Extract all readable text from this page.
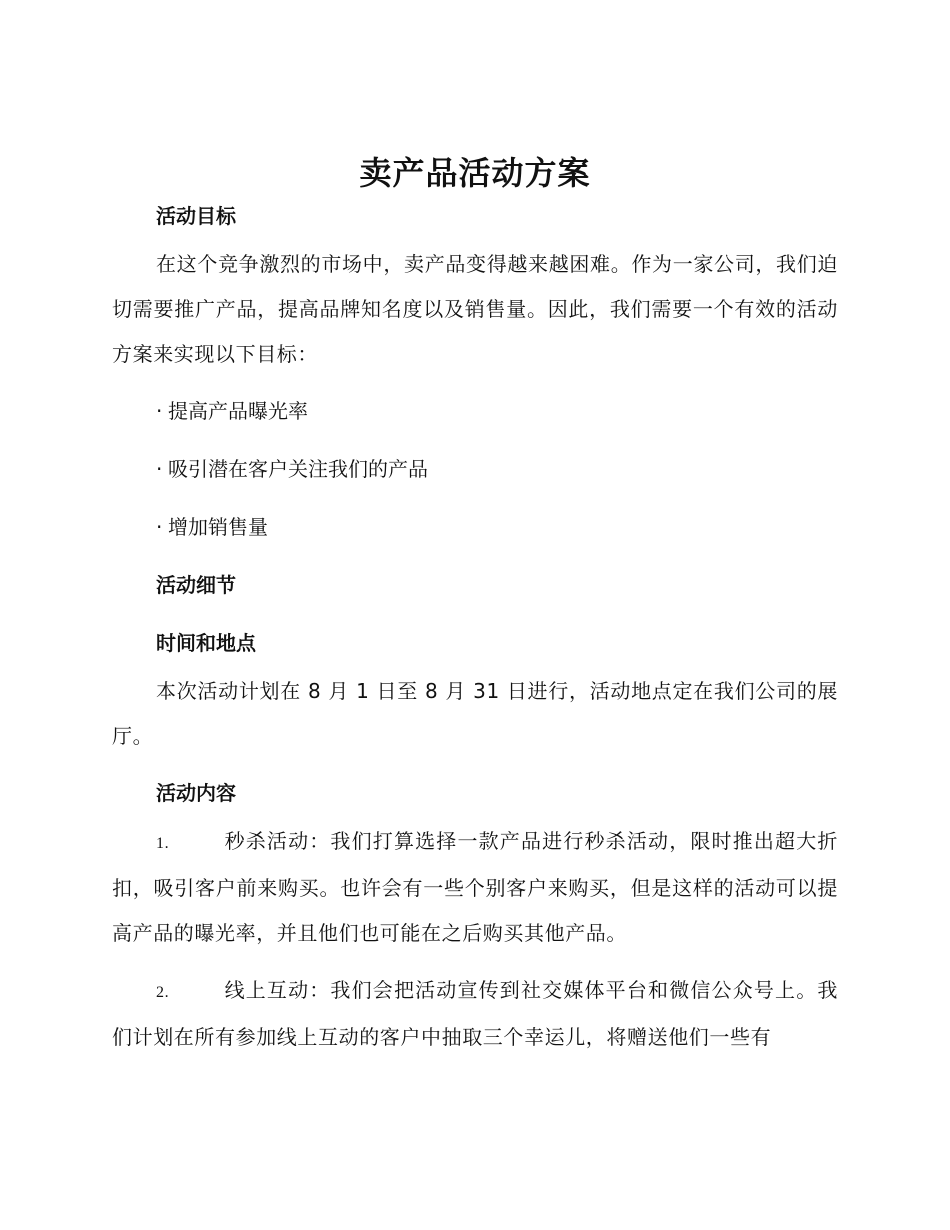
卖产品活动方案

活动目标

在这个竞争激烈的市场中，卖产品变得越来越困难。作为一家公司，我们迫切需要推广产品，提高品牌知名度以及销售量。因此，我们需要一个有效的活动方案来实现以下目标：

· 提高产品曝光率

· 吸引潜在客户关注我们的产品

· 增加销售量

活动细节

时间和地点

本次活动计划在 8 月 1 日至 8 月 31 日进行，活动地点定在我们公司的展厅。

活动内容

1.	秒杀活动：我们打算选择一款产品进行秒杀活动，限时推出超大折扣，吸引客户前来购买。也许会有一些个别客户来购买，但是这样的活动可以提高产品的曝光率，并且他们也可能在之后购买其他产品。

2.	线上互动：我们会把活动宣传到社交媒体平台和微信公众号上。我们计划在所有参加线上互动的客户中抽取三个幸运儿，将赠送他们一些有
